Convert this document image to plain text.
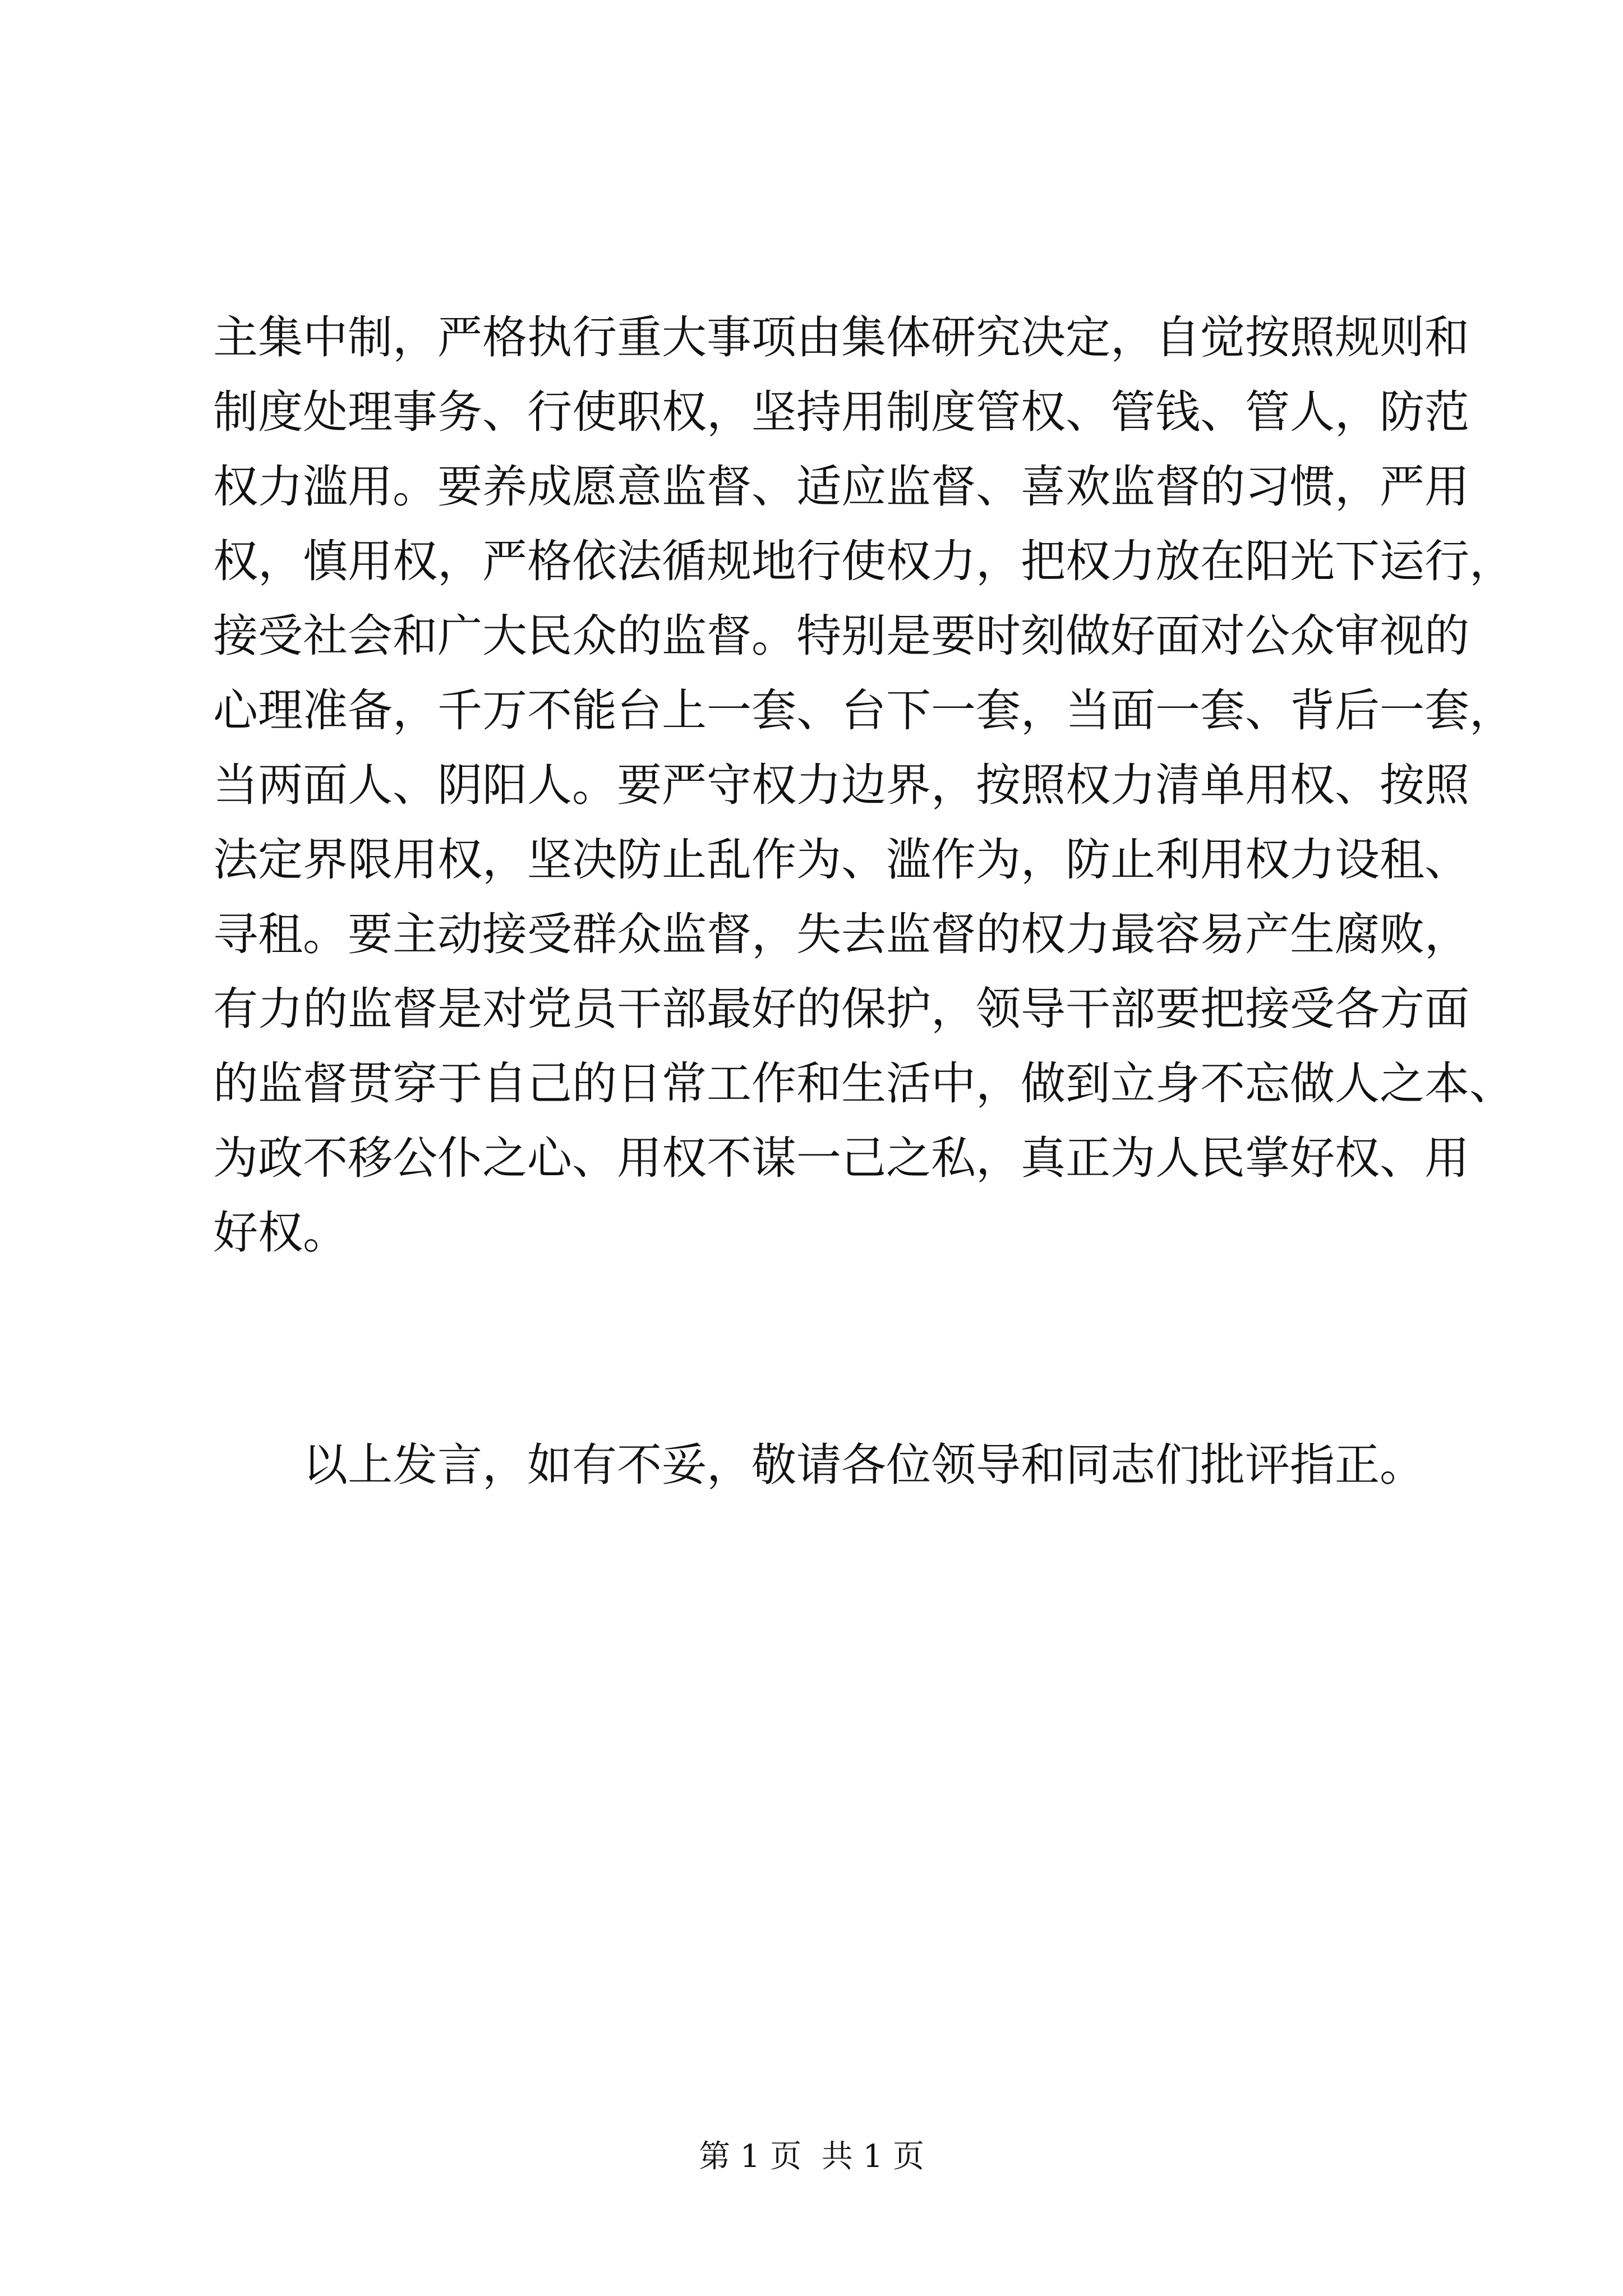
主集中制，严格执行重大事项由集体研究决定，自觉按照规则和
制度处理事务、行使职权，坚持用制度管权、管钱、管人，防范
权力滥用。要养成愿意监督、适应监督、喜欢监督的习惯，严用
权，慎用权，严格依法循规地行使权力，把权力放在阳光下运行，
接受社会和广大民众的监督。特别是要时刻做好面对公众审视的
心理准备，千万不能台上一套、台下一套，当面一套、背后一套，
当两面人、阴阳人。要严守权力边界，按照权力清单用权、按照
法定界限用权，坚决防止乱作为、滥作为，防止利用权力设租、
寻租。要主动接受群众监督，失去监督的权力最容易产生腐败，
有力的监督是对党员干部最好的保护，领导干部要把接受各方面
的监督贯穿于自己的日常工作和生活中，做到立身不忘做人之本、
为政不移公仆之心、用权不谋一己之私，真正为人民掌好权、用
好权。

以上发言，如有不妥，敬请各位领导和同志们批评指正。

第 1 页  共 1 页
